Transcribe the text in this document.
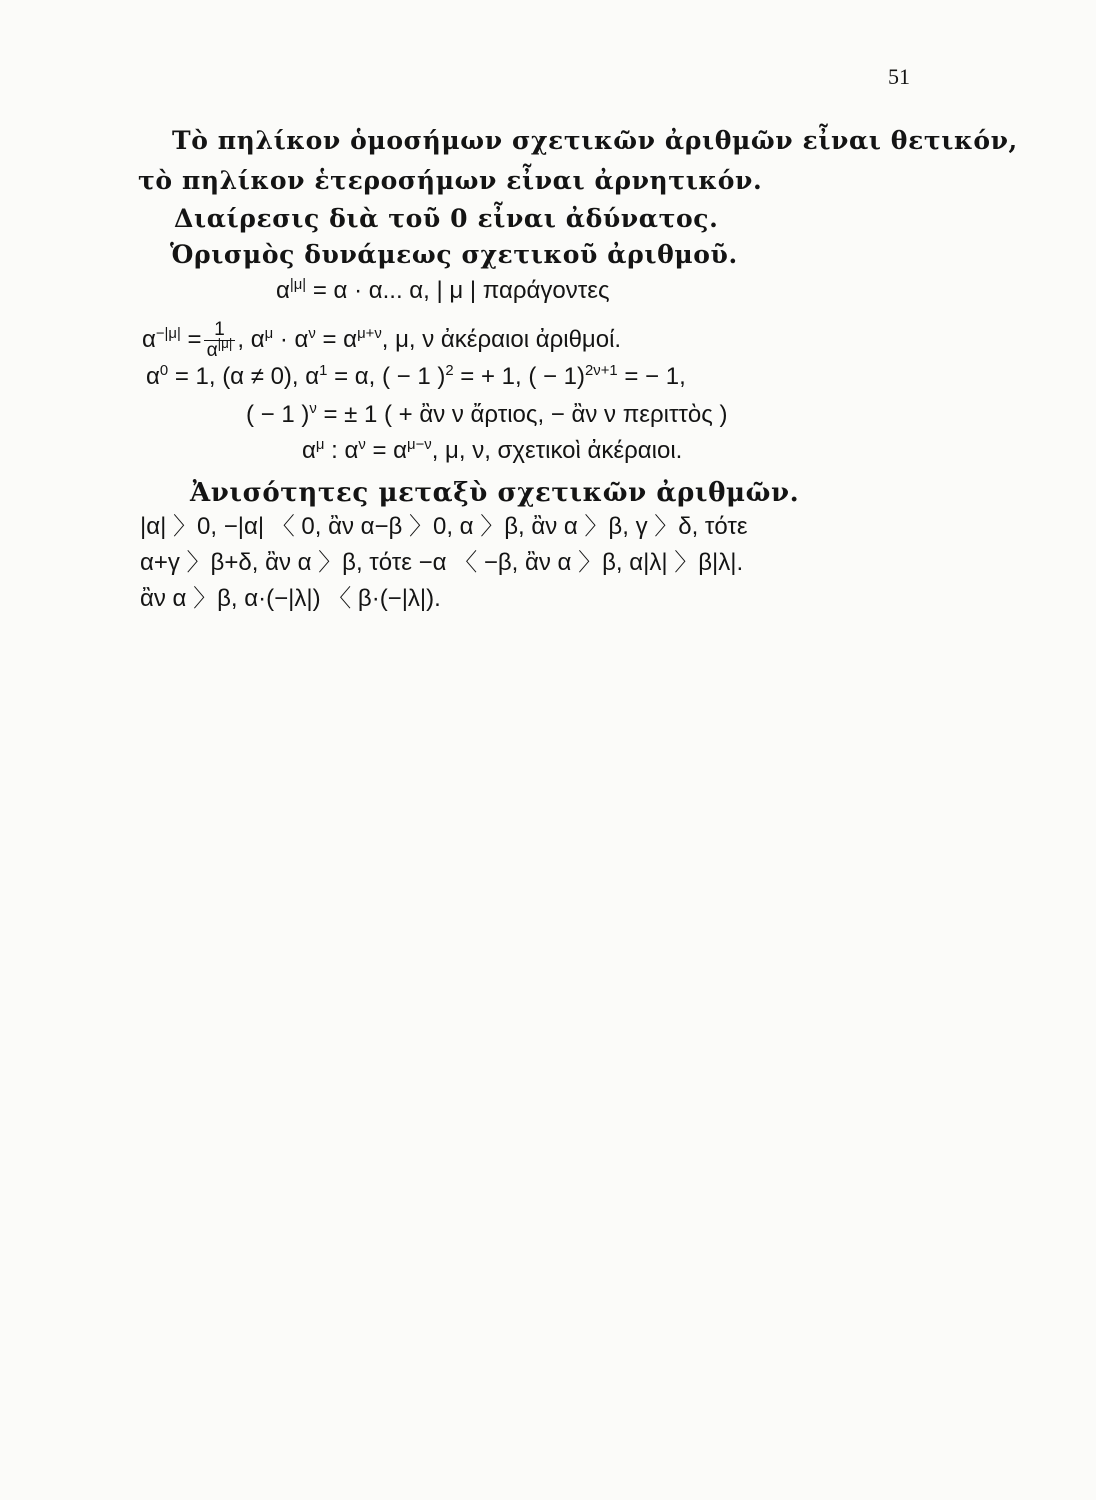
51
Τὸ πηλίκον ὁμοσήμων σχετικῶν ἀριθμῶν εἶναι θετικόν,
τὸ πηλίκον ἑτεροσήμων εἶναι ἀρνητικόν.
Διαίρεσις διὰ τοῦ 0 εἶναι ἀδύνατος.
Ὁρισμὸς δυνάμεως σχετικοῦ ἀριθμοῦ.
$\alpha^{|\mu|} = \alpha \cdot \alpha$... α, | μ | παράγοντες
$\alpha^{-|\mu|} = \frac{1}{\alpha^{|\mu|}}$ , $\alpha^\mu \cdot \alpha^\nu = \alpha^{\mu+\nu}$, μ, ν ἀκέραιοι ἀριθμοί.
$\alpha^0 = 1$, (α ≠ 0), $\alpha^1 = \alpha$, ( − 1 )$^2$ = + 1, ( − 1)$^{2\nu+1}$ = − 1,
( − 1 )$^\nu$ = ± 1 ( + ἂν ν ἄρτιος, − ἂν ν περιττὸς )
$\alpha^\mu$ : $\alpha^\nu = \alpha^{\mu-\nu}$, μ, ν, σχετικοὶ ἀκέραιοι.
Ἀνισότητες μεταξὺ σχετικῶν ἀριθμῶν.
|α| 〉0, −|α| 〈 0, ἂν α−β 〉0, α 〉β, ἂν α 〉β, γ 〉δ, τότε
α+γ 〉β+δ, ἂν α 〉β, τότε −α 〈 −β, ἂν α 〉β, α|λ| 〉β|λ|.
ἂν α 〉β, α·(−|λ|) 〈 β·(−|λ|).
